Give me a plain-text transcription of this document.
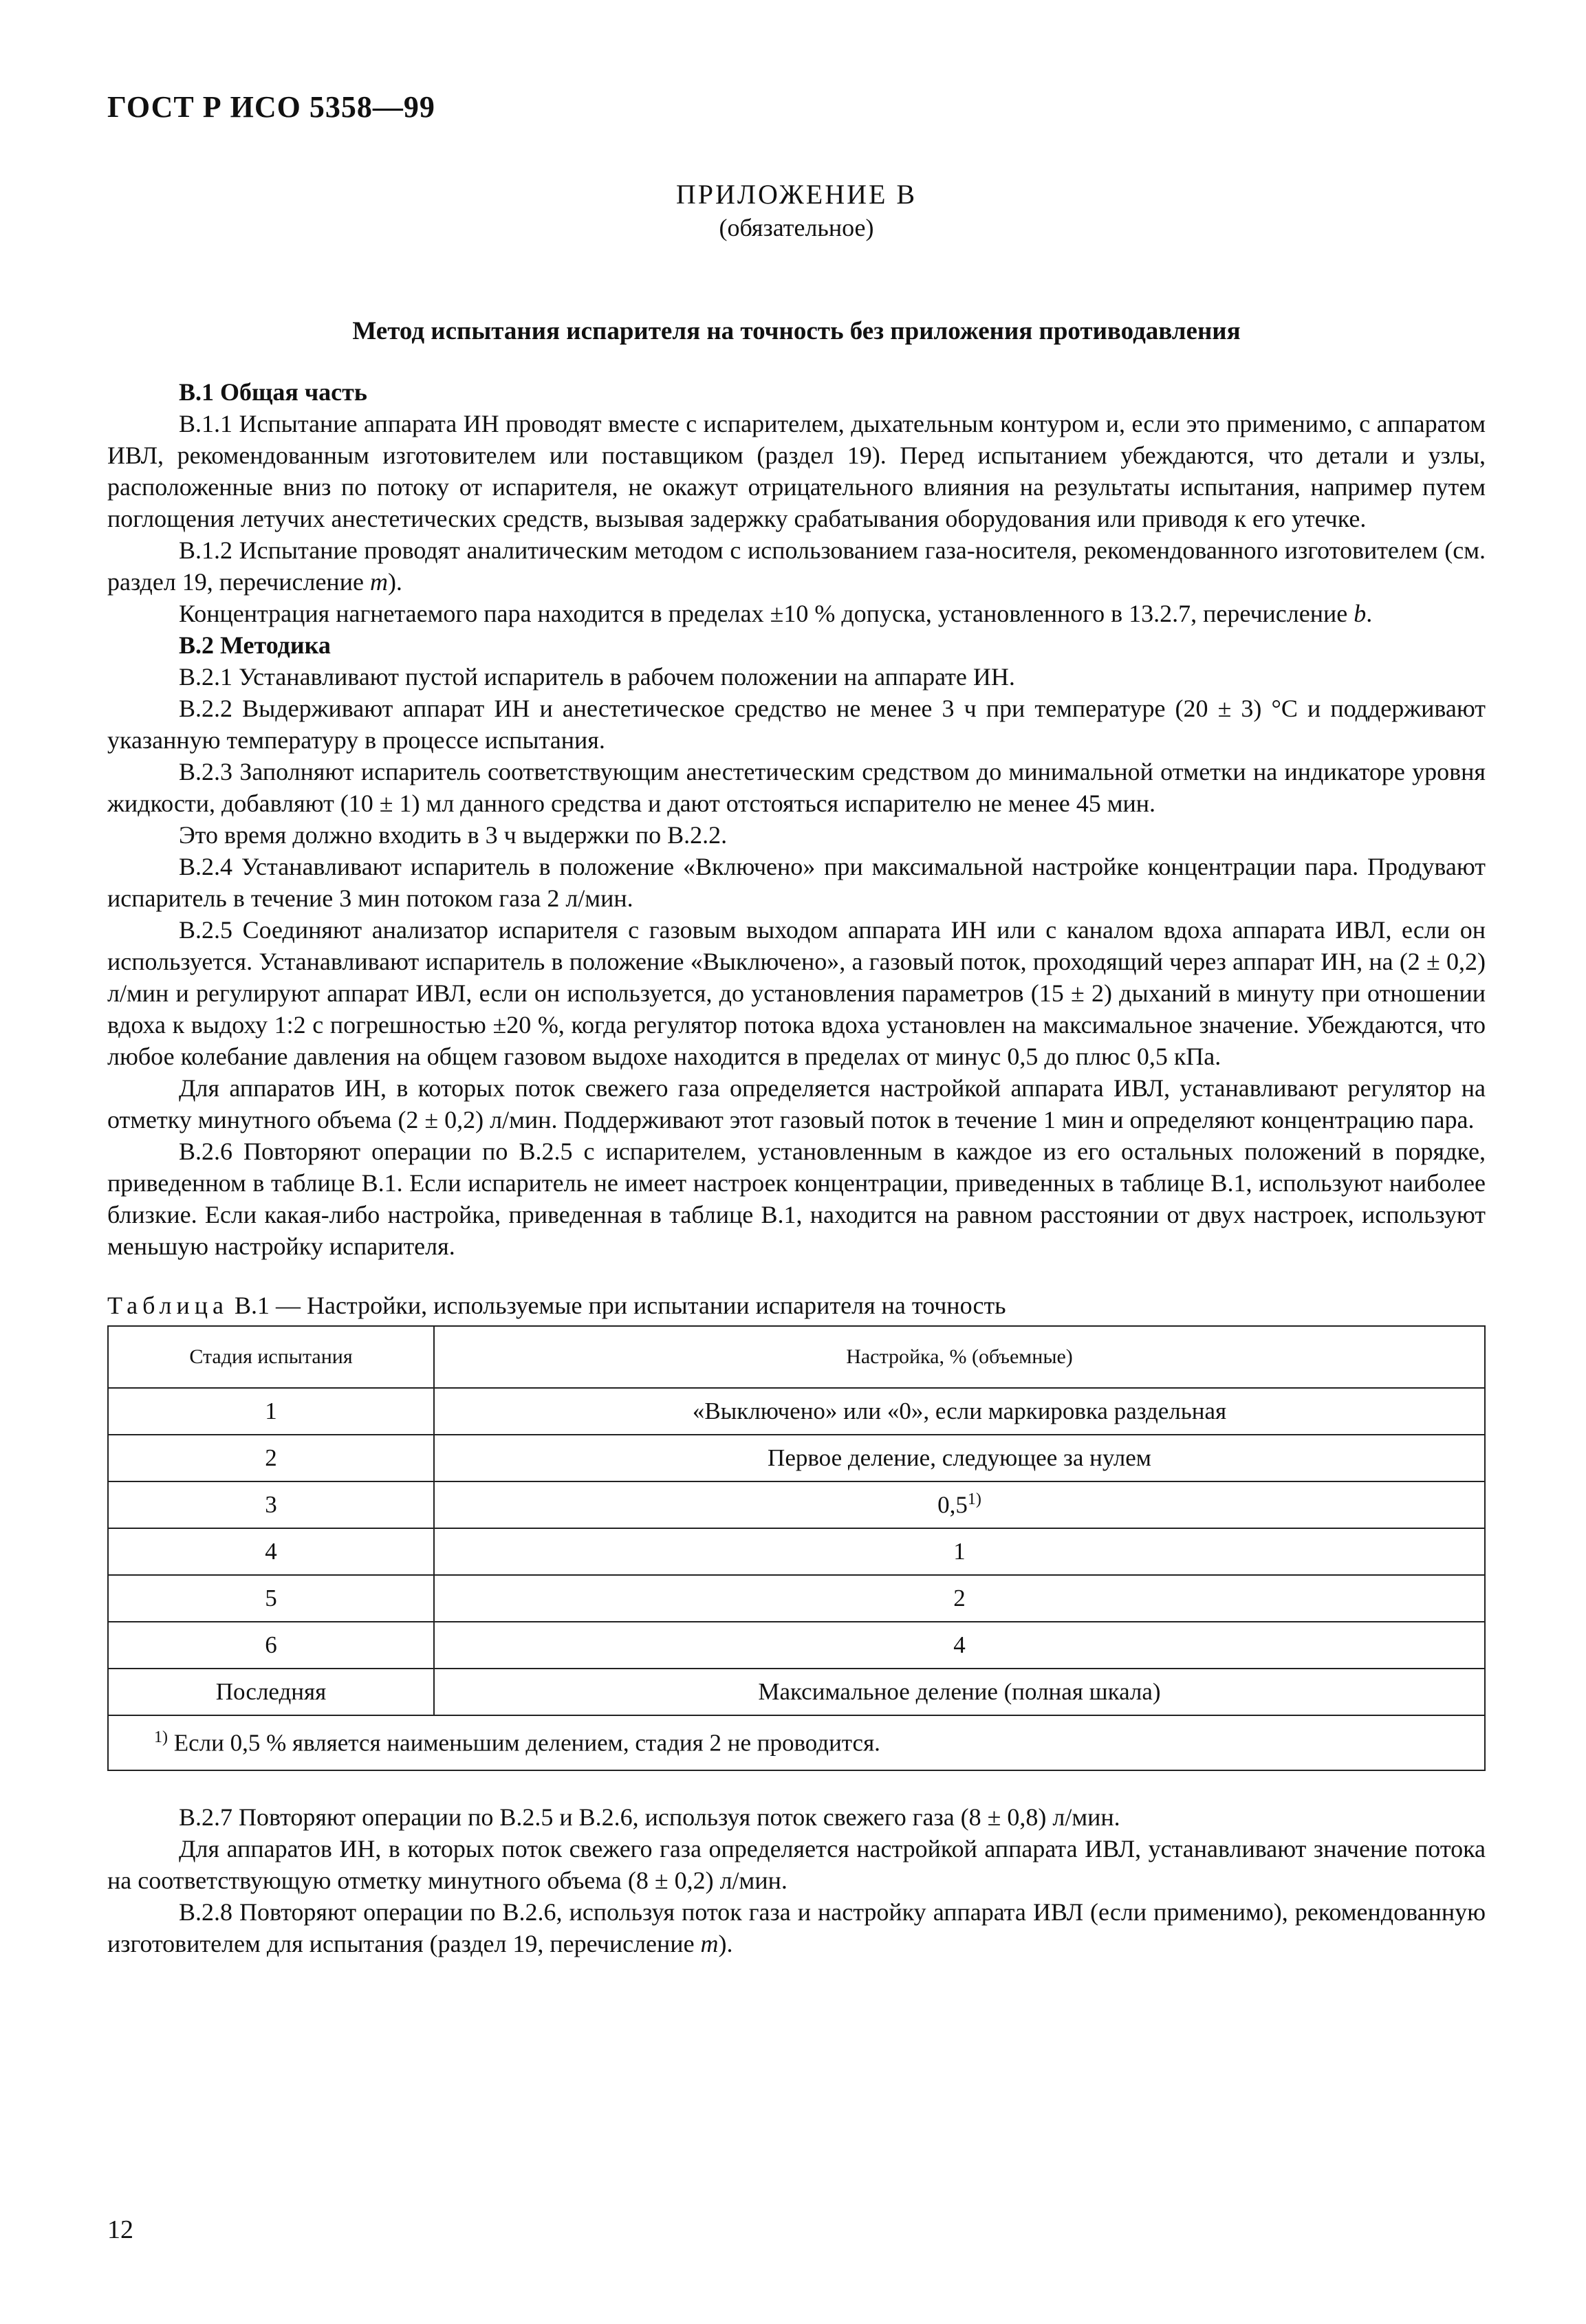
ГОСТ Р ИСО 5358—99
ПРИЛОЖЕНИЕ В
(обязательное)
Метод испытания испарителя на точность без приложения противодавления
В.1 Общая часть

В.1.1 Испытание аппарата ИН проводят вместе с испарителем, дыхательным контуром и, если это применимо, с аппаратом ИВЛ, рекомендованным изготовителем или поставщиком (раздел 19). Перед испытанием убеждаются, что детали и узлы, расположенные вниз по потоку от испарителя, не окажут отрицательного влияния на результаты испытания, например путем поглощения летучих анестетических средств, вызывая задержку срабатывания оборудования или приводя к его утечке.

В.1.2 Испытание проводят аналитическим методом с использованием газа-носителя, рекомендованного изготовителем (см. раздел 19, перечисление m).

Концентрация нагнетаемого пара находится в пределах ±10 % допуска, установленного в 13.2.7, перечисление b.

В.2 Методика

В.2.1 Устанавливают пустой испаритель в рабочем положении на аппарате ИН.

В.2.2 Выдерживают аппарат ИН и анестетическое средство не менее 3 ч при температуре (20 ± 3) °С и поддерживают указанную температуру в процессе испытания.

В.2.3 Заполняют испаритель соответствующим анестетическим средством до минимальной отметки на индикаторе уровня жидкости, добавляют (10 ± 1) мл данного средства и дают отстояться испарителю не менее 45 мин.

Это время должно входить в 3 ч выдержки по В.2.2.

В.2.4 Устанавливают испаритель в положение «Включено» при максимальной настройке концентрации пара. Продувают испаритель в течение 3 мин потоком газа 2 л/мин.

В.2.5 Соединяют анализатор испарителя с газовым выходом аппарата ИН или с каналом вдоха аппарата ИВЛ, если он используется. Устанавливают испаритель в положение «Выключено», а газовый поток, проходящий через аппарат ИН, на (2 ± 0,2) л/мин и регулируют аппарат ИВЛ, если он используется, до установления параметров (15 ± 2) дыханий в минуту при отношении вдоха к выдоху 1:2 с погрешностью ±20 %, когда регулятор потока вдоха установлен на максимальное значение. Убеждаются, что любое колебание давления на общем газовом выдохе находится в пределах от минус 0,5 до плюс 0,5 кПа.

Для аппаратов ИН, в которых поток свежего газа определяется настройкой аппарата ИВЛ, устанавливают регулятор на отметку минутного объема (2 ± 0,2) л/мин. Поддерживают этот газовый поток в течение 1 мин и определяют концентрацию пара.

В.2.6 Повторяют операции по В.2.5 с испарителем, установленным в каждое из его остальных положений в порядке, приведенном в таблице В.1. Если испаритель не имеет настроек концентрации, приведенных в таблице В.1, используют наиболее близкие. Если какая-либо настройка, приведенная в таблице В.1, находится на равном расстоянии от двух настроек, используют меньшую настройку испарителя.

Таблица В.1 — Настройки, используемые при испытании испарителя на точность
Стадия испытания	Настройка, % (объемные)
1	«Выключено» или «0», если маркировка раздельная
2	Первое деление, следующее за нулем
3	0,5$^{1)}$
4	1
5	2
6	4
Последняя	Максимальное деление (полная шкала)
$^{1)}$ Если 0,5 % является наименьшим делением, стадия 2 не проводится.	

В.2.7 Повторяют операции по В.2.5 и В.2.6, используя поток свежего газа (8 ± 0,8) л/мин.

Для аппаратов ИН, в которых поток свежего газа определяется настройкой аппарата ИВЛ, устанавливают значение потока на соответствующую отметку минутного объема (8 ± 0,2) л/мин.

В.2.8 Повторяют операции по В.2.6, используя поток газа и настройку аппарата ИВЛ (если применимо), рекомендованную изготовителем для испытания (раздел 19, перечисление m).

12
